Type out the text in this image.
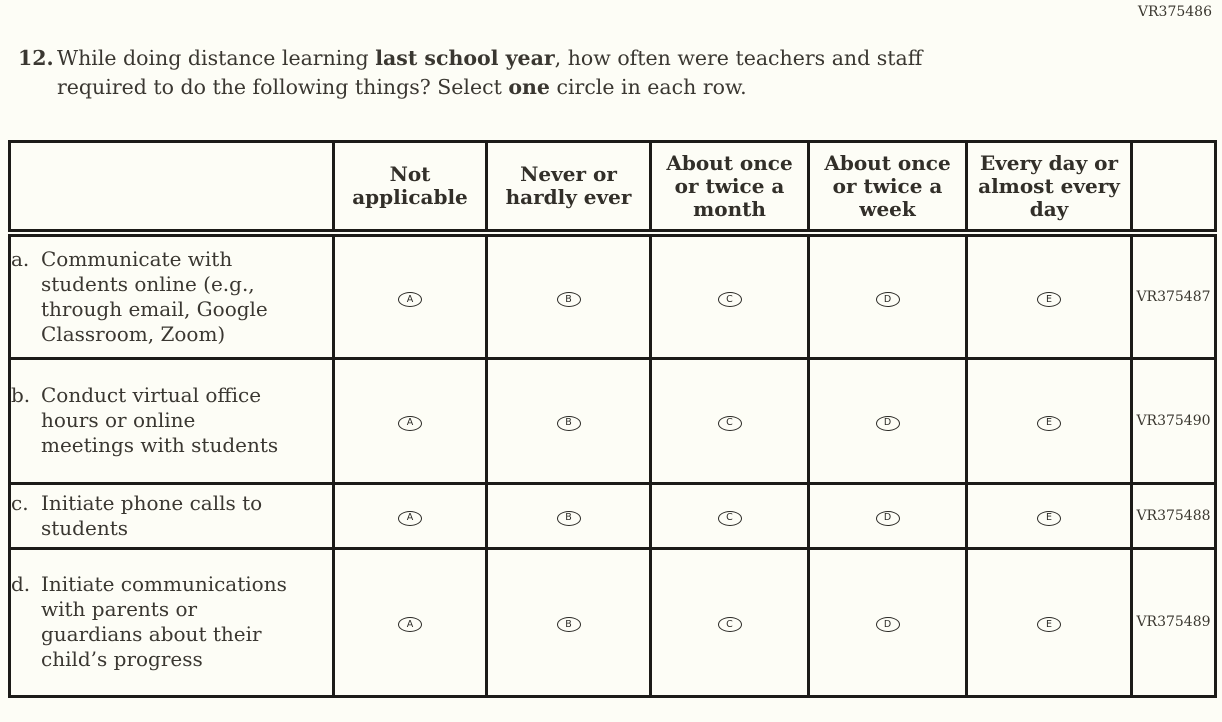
VR375486
12. While doing distance learning last school year, how often were teachers and staff required to do the following things? Select one circle in each row.
	Not applicable	Never or hardly ever	About once or twice a month	About once or twice a week	Every day or almost every day	

a. Communicate with students online (e.g., through email, Google Classroom, Zoom)	A	B	C	D	E	VR375487

b. Conduct virtual office hours or online meetings with students	A	B	C	D	E	VR375490

c. Initiate phone calls to students	A	B	C	D	E	VR375488

d. Initiate communications with parents or guardians about their child’s progress	A	B	C	D	E	VR375489
